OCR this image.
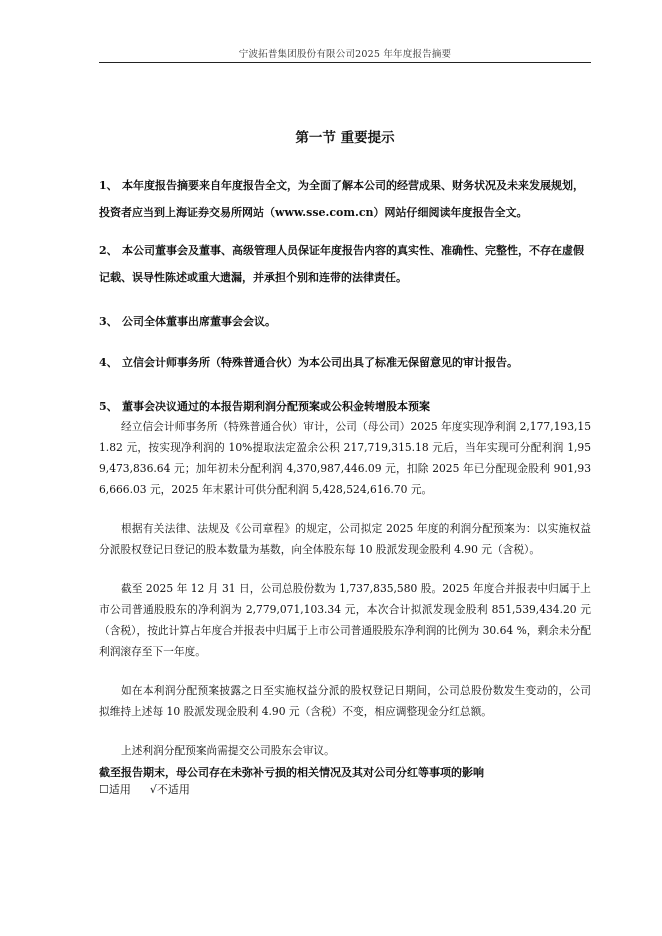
宁波拓普集团股份有限公司2025 年年度报告摘要
第一节 重要提示
1、 本年度报告摘要来自年度报告全文，为全面了解本公司的经营成果、财务状况及未来发展规划，投资者应当到上海证券交易所网站（www.sse.com.cn）网站仔细阅读年度报告全文。
2、 本公司董事会及董事、高级管理人员保证年度报告内容的真实性、准确性、完整性，不存在虚假记载、误导性陈述或重大遗漏，并承担个别和连带的法律责任。
3、 公司全体董事出席董事会会议。
4、 立信会计师事务所（特殊普通合伙）为本公司出具了标准无保留意见的审计报告。
5、 董事会决议通过的本报告期利润分配预案或公积金转增股本预案

经立信会计师事务所（特殊普通合伙）审计，公司（母公司）2025 年度实现净利润 2,177,193,151.82 元，按实现净利润的 10%提取法定盈余公积 217,719,315.18 元后，当年实现可分配利润 1,959,473,836.64 元；加年初未分配利润 4,370,987,446.09 元，扣除 2025 年已分配现金股利 901,936,666.03 元，2025 年末累计可供分配利润 5,428,524,616.70 元。

根据有关法律、法规及《公司章程》的规定，公司拟定 2025 年度的利润分配预案为：以实施权益分派股权登记日登记的股本数量为基数，向全体股东每 10 股派发现金股利 4.90 元（含税）。

截至 2025 年 12 月 31 日，公司总股份数为 1,737,835,580 股。2025 年度合并报表中归属于上市公司普通股股东的净利润为 2,779,071,103.34 元，本次合计拟派发现金股利 851,539,434.20 元（含税），按此计算占年度合并报表中归属于上市公司普通股股东净利润的比例为 30.64 %，剩余未分配利润滚存至下一年度。

如在本利润分配预案披露之日至实施权益分派的股权登记日期间，公司总股份数发生变动的，公司拟维持上述每 10 股派发现金股利 4.90 元（含税）不变，相应调整现金分红总额。

上述利润分配预案尚需提交公司股东会审议。

截至报告期末，母公司存在未弥补亏损的相关情况及其对公司分红等事项的影响
☐适用 √不适用
